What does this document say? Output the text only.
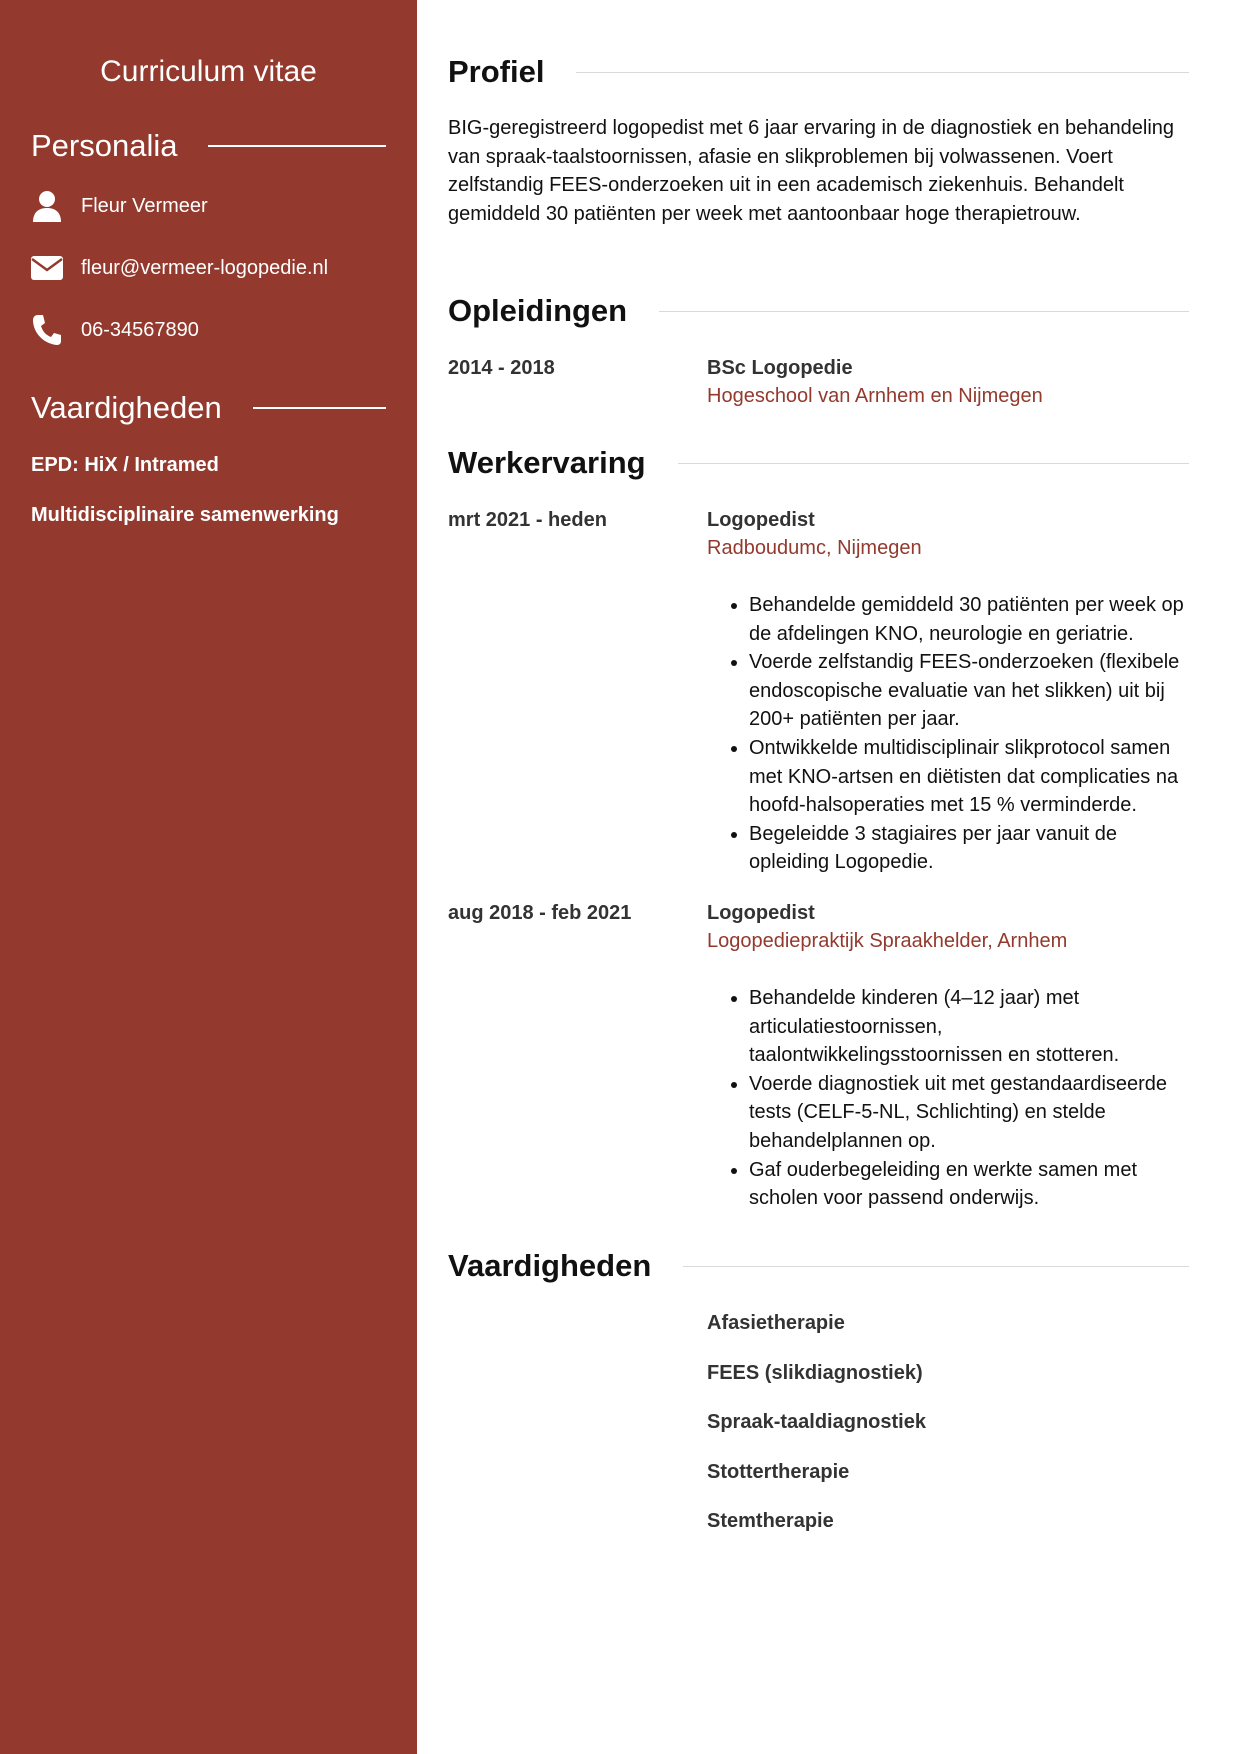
Curriculum vitae
Personalia
Fleur Vermeer
fleur@vermeer-logopedie.nl
06-34567890
Vaardigheden
EPD: HiX / Intramed
Multidisciplinaire samenwerking
Profiel

BIG-geregistreerd logopedist met 6 jaar ervaring in de diagnostiek en behandeling van spraak-taalstoornissen, afasie en slikproblemen bij volwassenen. Voert zelfstandig FEES-onderzoeken uit in een academisch ziekenhuis. Behandelt gemiddeld 30 patiënten per week met aantoonbaar hoge therapietrouw.

Opleidingen
2014 - 2018	BSc Logopedie
Hogeschool van Arnhem en Nijmegen
Werkervaring
mrt 2021 - heden	Logopedist
Radboudumc, Nijmegen
• Behandelde gemiddeld 30 patiënten per week op de afdelingen KNO, neurologie en geriatrie.
• Voerde zelfstandig FEES-onderzoeken (flexibele endoscopische evaluatie van het slikken) uit bij 200+ patiënten per jaar.
• Ontwikkelde multidisciplinair slikprotocol samen met KNO-artsen en diëtisten dat complicaties na hoofd-halsoperaties met 15 % verminderde.
• Begeleidde 3 stagiaires per jaar vanuit de opleiding Logopedie.
aug 2018 - feb 2021	Logopedist
Logopediepraktijk Spraakhelder, Arnhem
• Behandelde kinderen (4–12 jaar) met articulatiestoornissen, taalontwikkelingsstoornissen en stotteren.
• Voerde diagnostiek uit met gestandaardiseerde tests (CELF-5-NL, Schlichting) en stelde behandelplannen op.
• Gaf ouderbegeleiding en werkte samen met scholen voor passend onderwijs.
Vaardigheden
Afasietherapie
FEES (slikdiagnostiek)
Spraak-taaldiagnostiek
Stottertherapie
Stemtherapie
